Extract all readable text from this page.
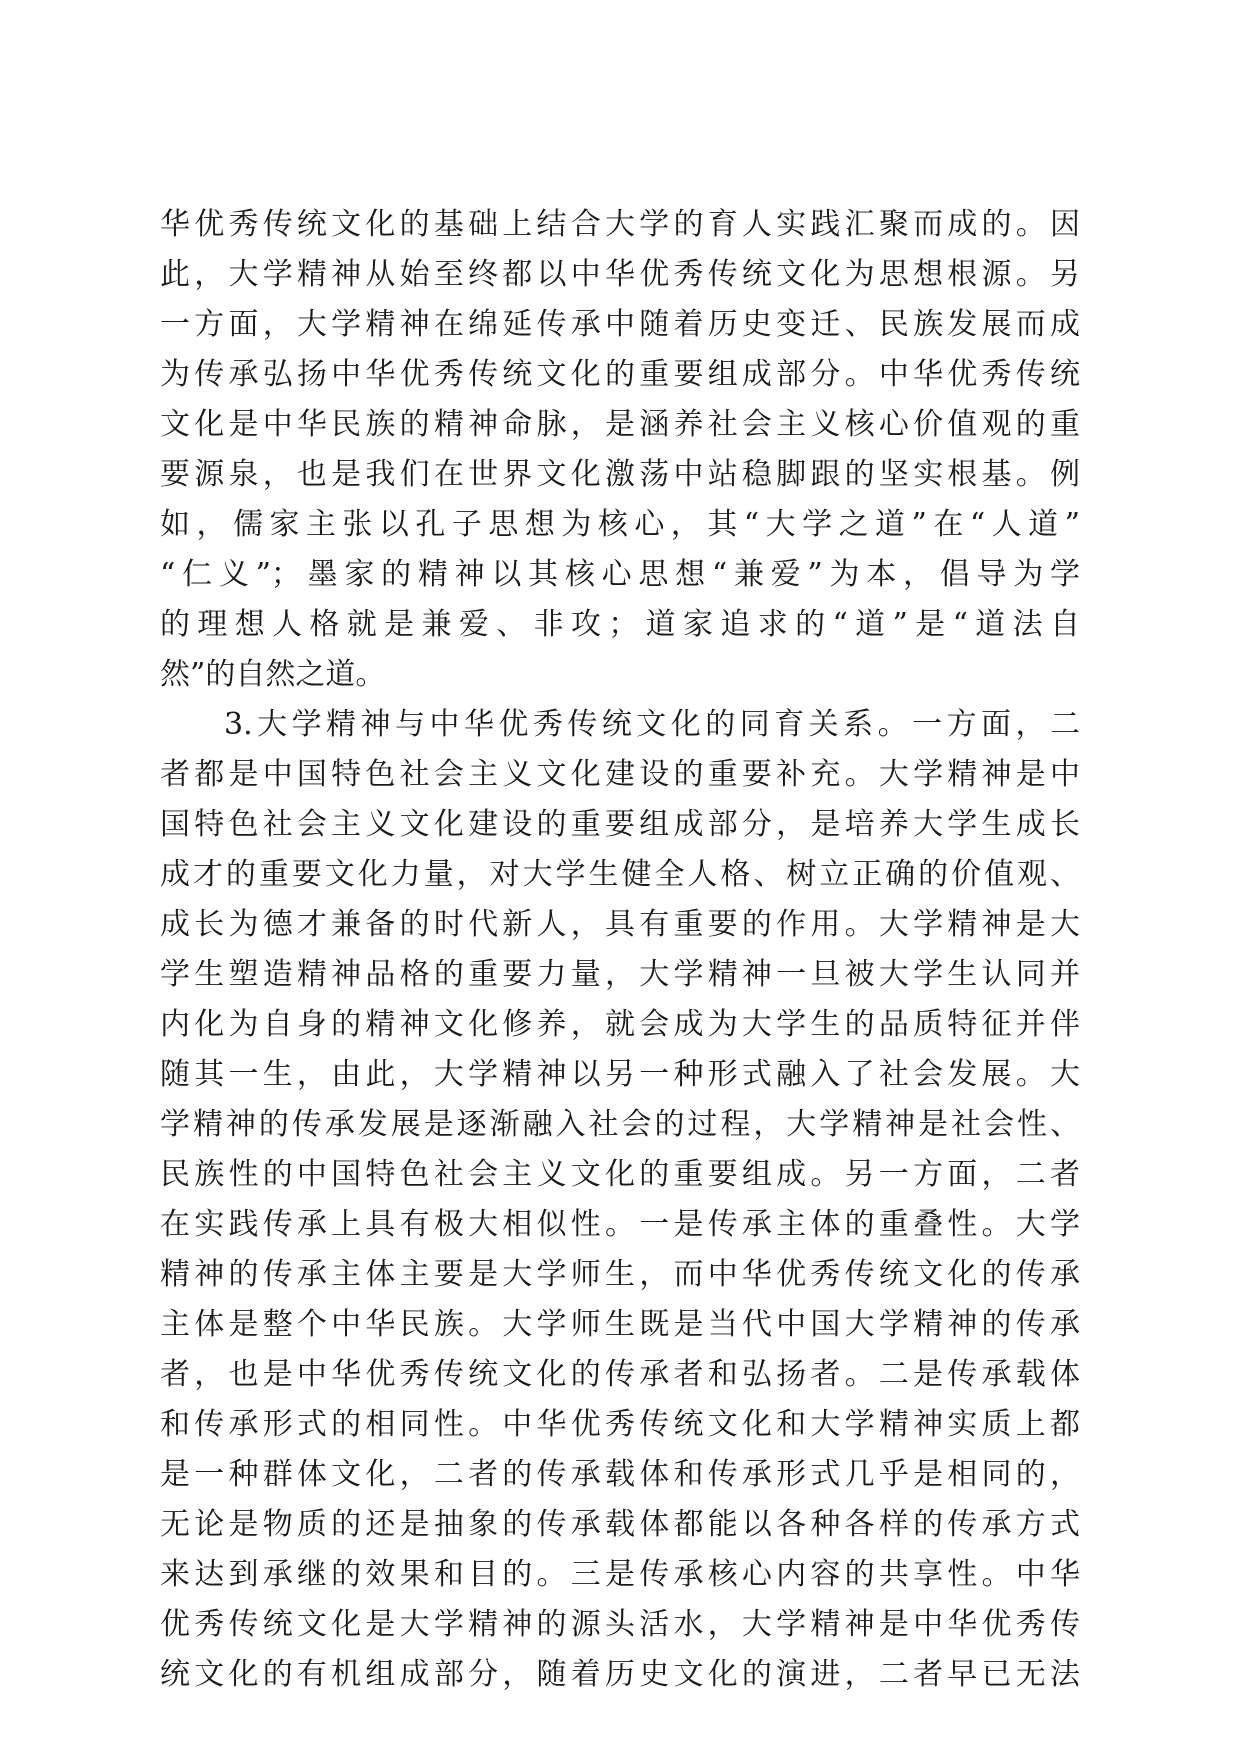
华优秀传统文化的基础上结合大学的育人实践汇聚而成的。因
此，大学精神从始至终都以中华优秀传统文化为思想根源。另
一方面，大学精神在绵延传承中随着历史变迁、民族发展而成
为传承弘扬中华优秀传统文化的重要组成部分。中华优秀传统
文化是中华民族的精神命脉，是涵养社会主义核心价值观的重
要源泉，也是我们在世界文化激荡中站稳脚跟的坚实根基。例
如，儒家主张以孔子思想为核心，其“大学之道”在“人道”
“仁义”；墨家的精神以其核心思想“兼爱”为本，倡导为学
的理想人格就是兼爱、非攻；道家追求的“道”是“道法自
然”的自然之道。
3.大学精神与中华优秀传统文化的同育关系。一方面，二
者都是中国特色社会主义文化建设的重要补充。大学精神是中
国特色社会主义文化建设的重要组成部分，是培养大学生成长
成才的重要文化力量，对大学生健全人格、树立正确的价值观、
成长为德才兼备的时代新人，具有重要的作用。大学精神是大
学生塑造精神品格的重要力量，大学精神一旦被大学生认同并
内化为自身的精神文化修养，就会成为大学生的品质特征并伴
随其一生，由此，大学精神以另一种形式融入了社会发展。大
学精神的传承发展是逐渐融入社会的过程，大学精神是社会性、
民族性的中国特色社会主义文化的重要组成。另一方面，二者
在实践传承上具有极大相似性。一是传承主体的重叠性。大学
精神的传承主体主要是大学师生，而中华优秀传统文化的传承
主体是整个中华民族。大学师生既是当代中国大学精神的传承
者，也是中华优秀传统文化的传承者和弘扬者。二是传承载体
和传承形式的相同性。中华优秀传统文化和大学精神实质上都
是一种群体文化，二者的传承载体和传承形式几乎是相同的，
无论是物质的还是抽象的传承载体都能以各种各样的传承方式
来达到承继的效果和目的。三是传承核心内容的共享性。中华
优秀传统文化是大学精神的源头活水，大学精神是中华优秀传
统文化的有机组成部分，随着历史文化的演进，二者早已无法
